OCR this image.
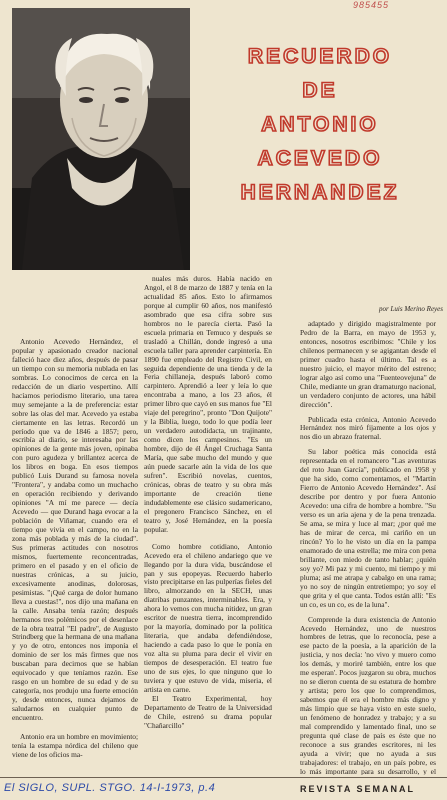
985455
RECUERDO
DE
ANTONIO ACEVEDO
HERNANDEZ
por Luis Merino Reyes

Antonio Acevedo Hernández, el popular y apasionado creador nacional falleció hace diez años, después de pasar un tiempo con su memoria nublada en las sombras. Lo conocimos de cerca en la redacción de un diario vespertino. Allí hacíamos periodismo literario, una tarea muy semejante a la de preferencia: estar sobre las olas del mar. Acevedo ya estaba ciertamente en las letras. Recordó un período que va de 1846 a 1857; pero, escribía al diario, se interesaba por las opiniones de la gente más joven, opinaba con puro agudeza y brillantez acerca de los libros en boga. En esos tiempos publicó Luis Durand su famosa novela "Frontera", y andaba como un muchacho en operación recibiendo y derivando opiniones "A mí me parece — decía Acevedo — que Durand haga evocar a la población de Viñamar, cuando era el tiempo que vivía en el campo, no en la zona más poblada y más de la ciudad". Sus primeras actitudes con nosotros mismos, fuertemente reconcentradas, primero en el pasado y en el oficio de nuestras crónicas, a su juicio, excesivamente anodinas, dolorosas, pesimistas. "¡Qué carga de dolor humano lleva a cuestas!", nos dijo una mañana en la calle. Ansaba tenía razón; después hermanos tres polémicos por el desenlace de la obra teatral "El padre", de Augusto Strindberg que la hermana de una mañana y yo de otro, entonces nos imponía el dominio de ser los más firmes que nos buscaban para decirnos que se habían equivocado y que teníamos razón. Ese rasgo en un hombre de su edad y de su categoría, nos produjo una fuerte emoción y, desde entonces, nunca dejamos de saludarnos en cualquier punto de encuentro.

Antonio era un hombre en movimiento; tenía la estampa nórdica del chileno que viene de los oficios ma-

nuales más duros. Había nacido en Angol, el 8 de marzo de 1887 y tenía en la actualidad 85 años. Esto lo afirmamos porque al cumplir 60 años, nos manifestó asombrado que esa cifra sobre sus hombros no le parecía cierta. Pasó la escuela primaria en Temuco y después se trasladó a Chillán, donde ingresó a una escuela taller para aprender carpintería. En 1890 fue empleado del Registro Civil, en seguida dependiente de una tienda y de la Feria chillaneja, después laboró como carpintero. Aprendió a leer y leía lo que encontraba a mano, a los 23 años, él primer libro que cayó en sus manos fue "El viaje del peregrino", pronto "Don Quijote" y la Biblia, luego, todo lo que podía leer un verdadero autodidacta, un trajinante, como dicen los campesinos. "Es un hombre, dijo de él Ángel Cruchaga Santa María, que sabe mucho del mundo y que aún puede sacarle aún la vida de los que sufren". Escribió novelas, cuentos, crónicas, obras de teatro y su obra más importante de creación tiene indudablemente ese clásico sudamericano, el pregonero Francisco Sánchez, en el teatro y, José Hernández, en la poesía popular.

Como hombre cotidiano, Antonio Acevedo era el chileno andariego que ve llegando por la dura vida, buscándose el pan y sus epopeyas. Recuerdo haberlo visto precipitarse en las pulperías fieles del libro, almorzando en la SECH, unas diatribas punzantes, interminables. Era, y ahora lo vemos con mucha nitidez, un gran escritor de nuestra tierra, incomprendido por la mayoría, dominado por la política literaria, que andaba defendiéndose, haciendo a cada paso lo que le ponía en voz alta su pluma para decir el vivir en tiempos de desesperación. El teatro fue uno de sus ejes, lo que ninguno que lo tuviera y que estuvo de vida, miseria, el artista en carne.

El Teatro Experimental, hoy Departamento de Teatro de la Universidad de Chile, estrenó su drama popular "Chañarcillo"

adaptado y dirigido magistralmente por Pedro de la Barra, en mayo de 1953 y, entonces, nosotros escribimos: "Chile y los chilenos permanecen y se agigantan desde el primer cuadro hasta el último. Tal es a nuestro juicio, el mayor mérito del estreno; lograr algo así como una "Fuenteovejuna" de Chile, mediante un gran dramaturgo nacional, un verdadero conjunto de actores, una hábil dirección".

Publicada esta crónica, Antonio Acevedo Hernández nos miró fijamente a los ojos y nos dio un abrazo fraternal.

Su labor poética más conocida está representada en el romancero "Las aventuras del roto Juan García", publicado en 1958 y que ha sido, como comentamos, el "Martín Fierro de Antonio Acevedo Hernández". Así describe por dentro y por fuera Antonio Acevedo: una cifra de hombre a hombre. "Su verso es un aria ajena y de la pena trenzada. Se ama, se mira y luce al mar; ¿por qué me has de mirar de cerca, mi cariño en un rincón? Yo lo he visto un día en la pampa enamorado de una estrella; me mira con pena brillante, con miedo de tanto hablar; ¿quién soy yo? Mi paz y mi cuento, mi tiempo y mi pluma; así me atrapa y cabalgo en una rama; yo no soy de ningún entretiempo; yo soy el que grita y el que canta. Todos están allí: "Es un co, es un co, es de la luna".

Comprende la dura existencia de Antonio Acevedo Hernández, uno de nuestros hombres de letras, que lo reconocía, pese a ese pacto de la poesía, a la aparición de la justicia, y nos decía: 'no vivo y muero como los demás, y moriré también, entre los que me esperan'. Pocos juzgaron su obra, muchos no se dieron cuenta de su estatura de hombre y artista; pero los que lo comprendimos, sabemos que él era el hombre más digno y más limpio que se haya visto en este suelo, un fenómeno de honradez y trabajo; y a su mal comprendido y lamentado final, uno se pregunta qué clase de país es éste que no reconoce a sus grandes escritores, ni les ayuda a vivir; que no ayuda a sus trabajadores: el trabajo, en un país pobre, es lo más importante para su desarrollo, y el

El SIGLO, SUPL. STGO. 14-I-1973, p.4	REVISTA SEMANAL
